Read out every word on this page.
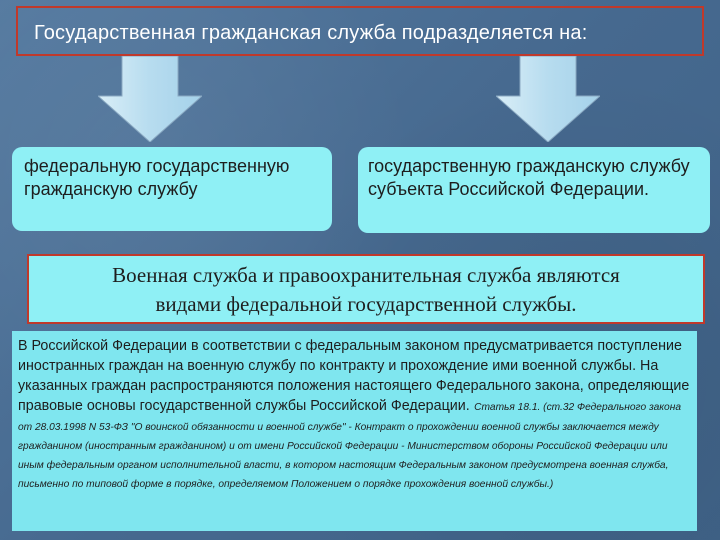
Государственная гражданская служба подразделяется на:
федеральную государственную гражданскую службу
государственную гражданскую службу субъекта Российской Федерации.
Военная служба и правоохранительная служба являются
видами федеральной государственной службы.
В Российской Федерации в соответствии с федеральным законом предусматривается поступление иностранных граждан на военную службу по контракту и прохождение ими военной службы. На указанных граждан распространяются положения настоящего Федерального закона, определяющие правовые основы государственной службы Российской Федерации. Статья 18.1. (ст.32 Федерального закона от 28.03.1998 N 53-ФЗ "О воинской обязанности и военной службе" - Контракт о прохождении военной службы заключается между гражданином (иностранным гражданином) и от имени Российской Федерации - Министерством обороны Российской Федерации или иным федеральным органом исполнительной власти, в котором настоящим Федеральным законом предусмотрена военная служба, письменно по типовой форме в порядке, определяемом Положением о порядке прохождения военной службы.)
